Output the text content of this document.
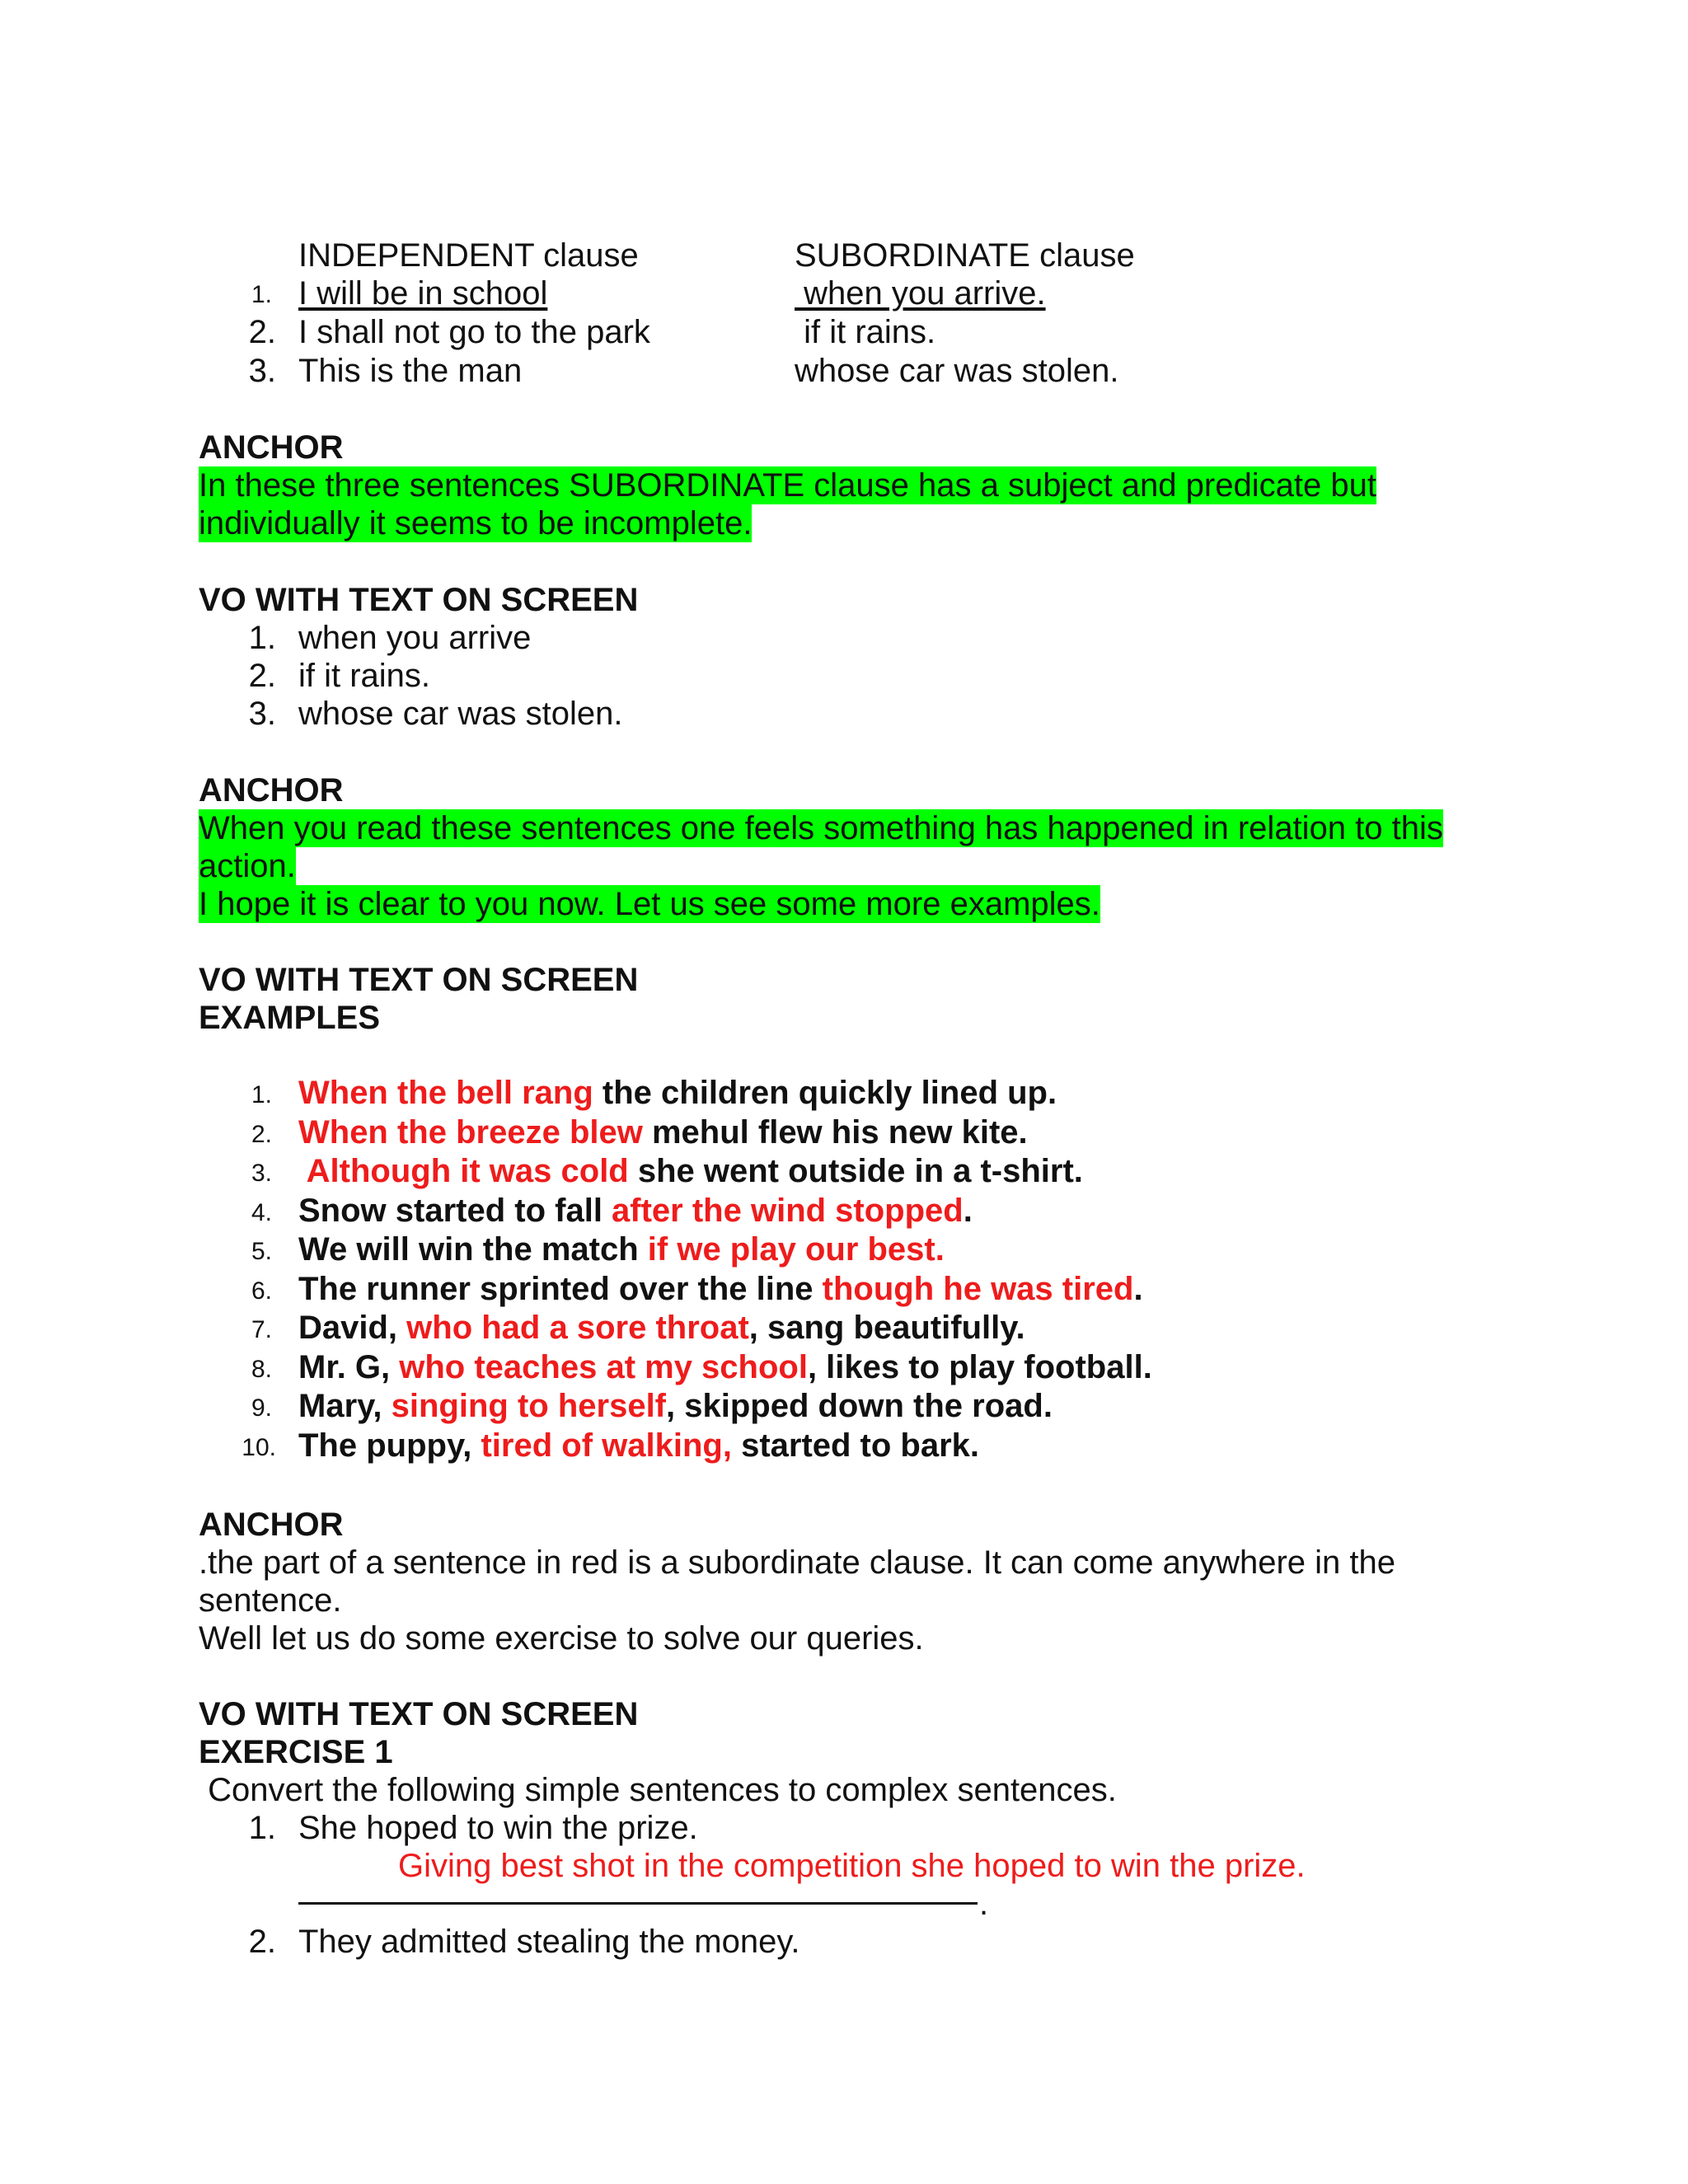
INDEPENDENT clause	SUBORDINATE clause
1. I will be in school	when you arrive.
2. I shall not go to the park	if it rains.
3. This is the man	whose car was stolen.
ANCHOR
In these three sentences SUBORDINATE clause has a subject and predicate but
individually it seems to be incomplete.
VO WITH TEXT ON SCREEN
1. when you arrive
2. if it rains.
3. whose car was stolen.
ANCHOR
When you read these sentences one feels something has happened in relation to this
action.
I hope it is clear to you now. Let us see some more examples.
VO WITH TEXT ON SCREEN
EXAMPLES
1. When the bell rang the children quickly lined up.
2. When the breeze blew mehul flew his new kite.
3. Although it was cold she went outside in a t-shirt.
4. Snow started to fall after the wind stopped.
5. We will win the match if we play our best.
6. The runner sprinted over the line though he was tired.
7. David, who had a sore throat, sang beautifully.
8. Mr. G, who teaches at my school, likes to play football.
9. Mary, singing to herself, skipped down the road.
10. The puppy, tired of walking, started to bark.
ANCHOR
.the part of a sentence in red is a subordinate clause. It can come anywhere in the
sentence.
Well let us do some exercise to solve our queries.
VO WITH TEXT ON SCREEN
EXERCISE 1
Convert the following simple sentences to complex sentences.
1. She hoped to win the prize.
Giving best shot in the competition she hoped to win the prize.
.
2. They admitted stealing the money.
